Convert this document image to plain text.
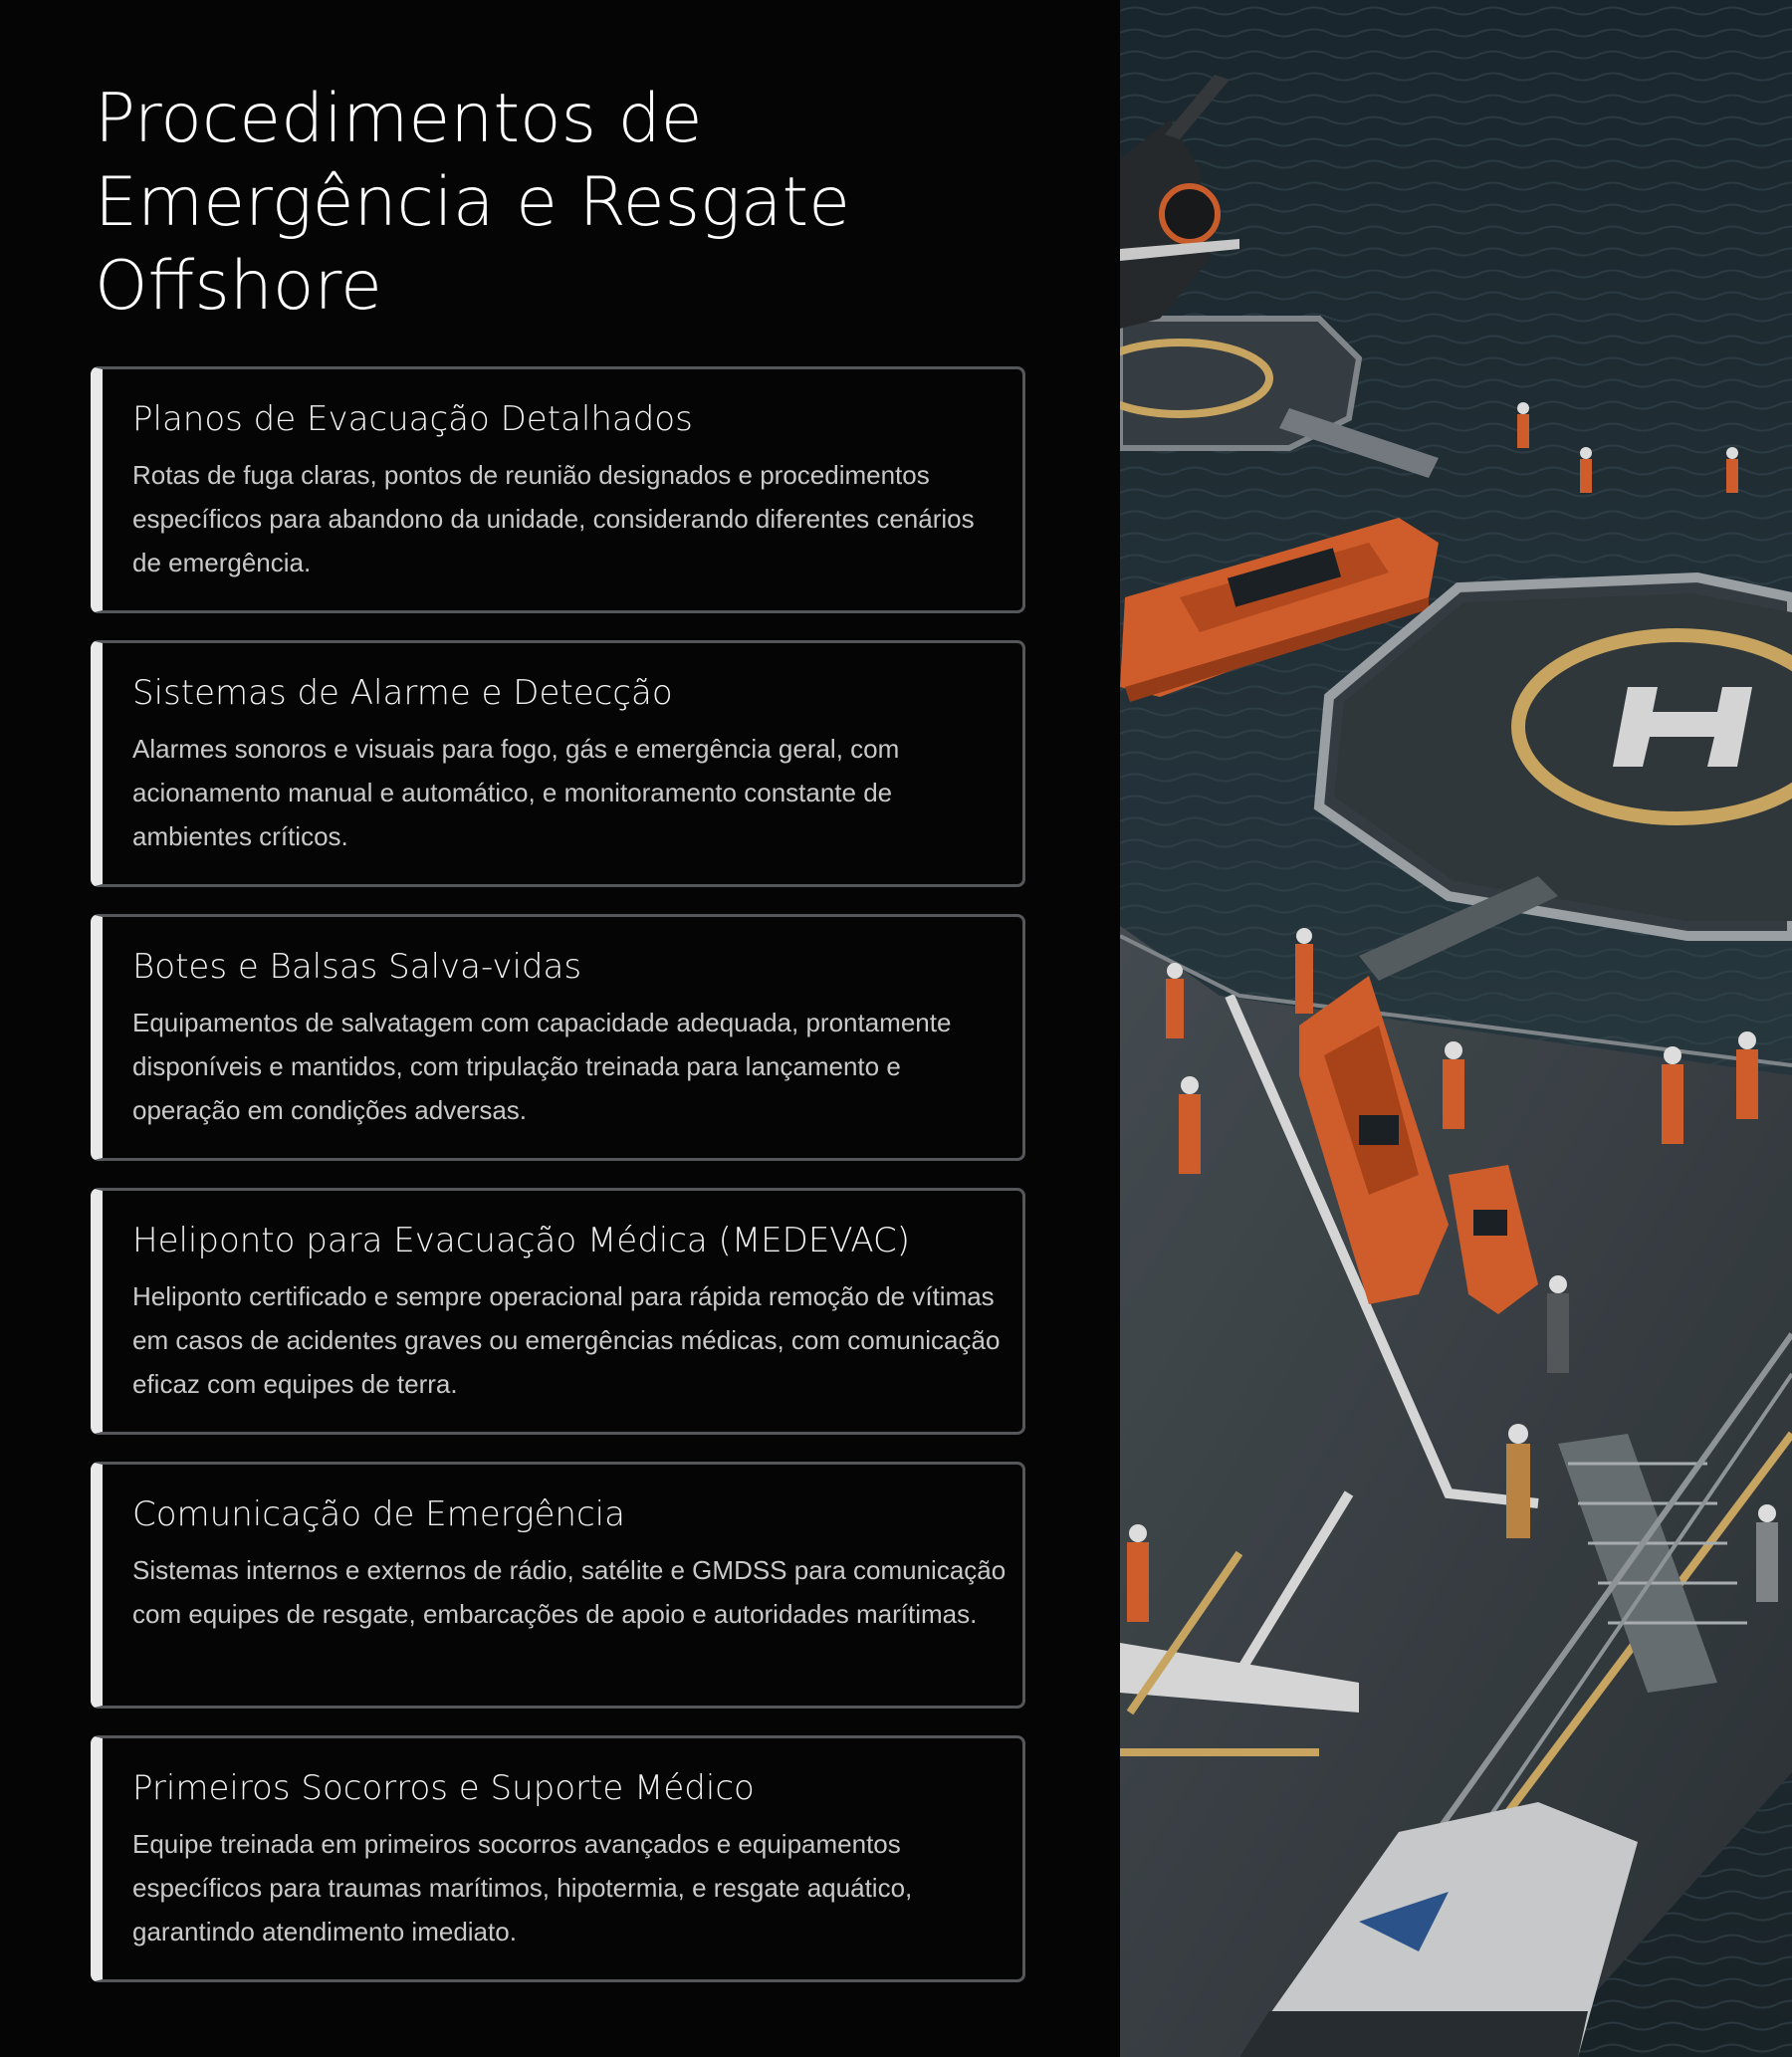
Procedimentos de Emergência e Resgate Offshore
Planos de Evacuação Detalhados
Rotas de fuga claras, pontos de reunião designados e procedimentos específicos para abandono da unidade, considerando diferentes cenários de emergência.
Sistemas de Alarme e Detecção
Alarmes sonoros e visuais para fogo, gás e emergência geral, com acionamento manual e automático, e monitoramento constante de ambientes críticos.
Botes e Balsas Salva-vidas
Equipamentos de salvatagem com capacidade adequada, prontamente disponíveis e mantidos, com tripulação treinada para lançamento e operação em condições adversas.
Heliponto para Evacuação Médica (MEDEVAC)
Heliponto certificado e sempre operacional para rápida remoção de vítimas em casos de acidentes graves ou emergências médicas, com comunicação eficaz com equipes de terra.
Comunicação de Emergência
Sistemas internos e externos de rádio, satélite e GMDSS para comunicação com equipes de resgate, embarcações de apoio e autoridades marítimas.
Primeiros Socorros e Suporte Médico
Equipe treinada em primeiros socorros avançados e equipamentos específicos para traumas marítimos, hipotermia, e resgate aquático, garantindo atendimento imediato.
